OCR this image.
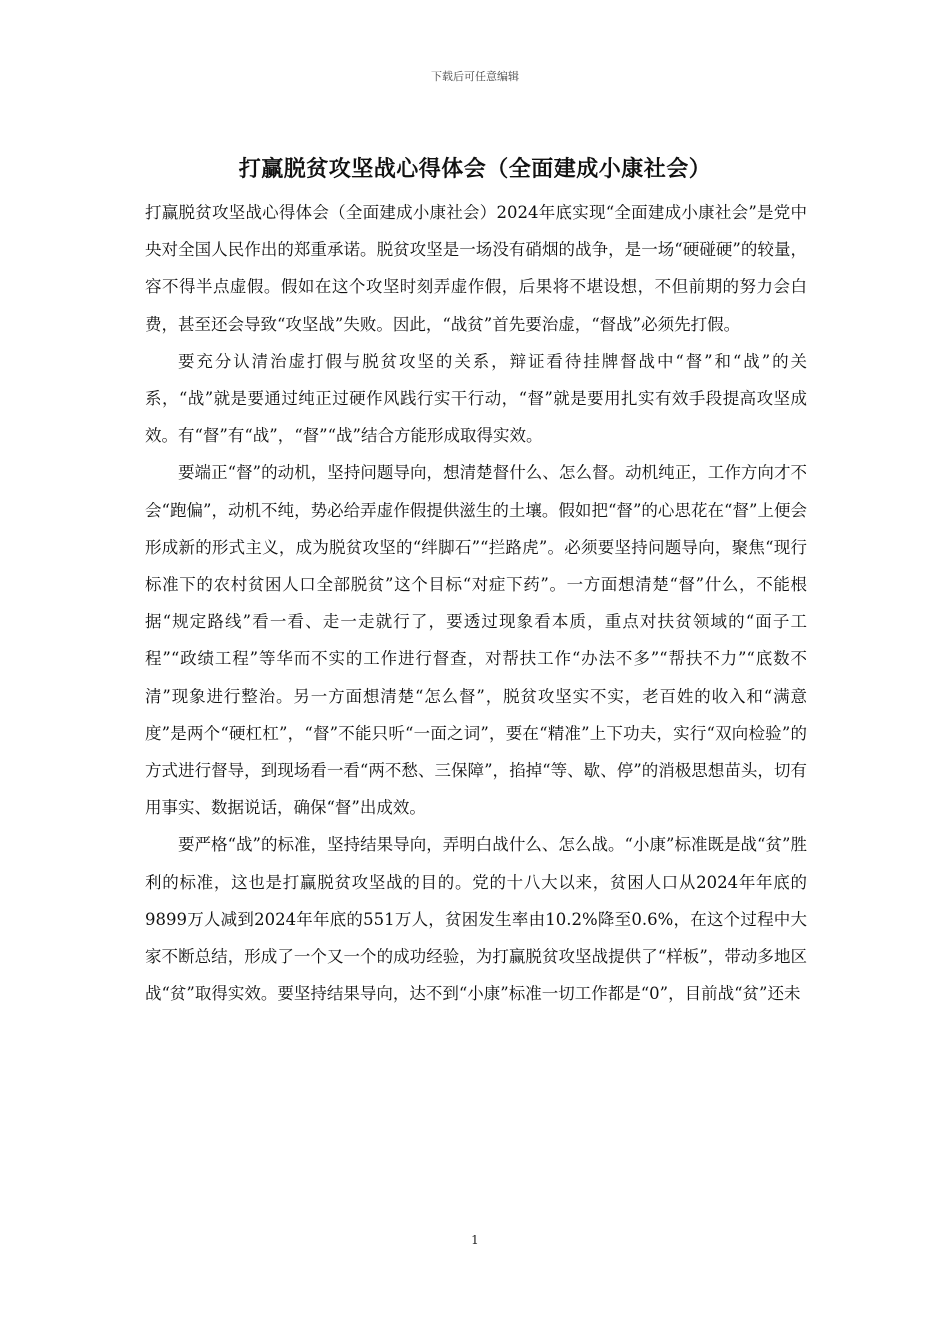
下载后可任意编辑
打赢脱贫攻坚战心得体会（全面建成小康社会）

打赢脱贫攻坚战心得体会（全面建成小康社会）2024年底实现“全面建成小康社会”是党中央对全国人民作出的郑重承诺。脱贫攻坚是一场没有硝烟的战争，是一场“硬碰硬”的较量，容不得半点虚假。假如在这个攻坚时刻弄虚作假，后果将不堪设想，不但前期的努力会白费，甚至还会导致“攻坚战”失败。因此，“战贫”首先要治虚，“督战”必须先打假。

要充分认清治虚打假与脱贫攻坚的关系，辩证看待挂牌督战中“督”和“战”的关系，“战”就是要通过纯正过硬作风践行实干行动，“督”就是要用扎实有效手段提高攻坚成效。有“督”有“战”，“督”“战”结合方能形成取得实效。

要端正“督”的动机，坚持问题导向，想清楚督什么、怎么督。动机纯正，工作方向才不会“跑偏”，动机不纯，势必给弄虚作假提供滋生的土壤。假如把“督”的心思花在“督”上便会形成新的形式主义，成为脱贫攻坚的“绊脚石”“拦路虎”。必须要坚持问题导向，聚焦“现行标准下的农村贫困人口全部脱贫”这个目标“对症下药”。一方面想清楚“督”什么，不能根据“规定路线”看一看、走一走就行了，要透过现象看本质，重点对扶贫领域的“面子工程”“政绩工程”等华而不实的工作进行督查，对帮扶工作“办法不多”“帮扶不力”“底数不清”现象进行整治。另一方面想清楚“怎么督”，脱贫攻坚实不实，老百姓的收入和“满意度”是两个“硬杠杠”，“督”不能只听“一面之词”，要在“精准”上下功夫，实行“双向检验”的方式进行督导，到现场看一看“两不愁、三保障”，掐掉“等、歇、停”的消极思想苗头，切有用事实、数据说话，确保“督”出成效。

要严格“战”的标准，坚持结果导向，弄明白战什么、怎么战。“小康”标准既是战“贫”胜利的标准，这也是打赢脱贫攻坚战的目的。党的十八大以来，贫困人口从2024年年底的9899万人减到2024年年底的551万人，贫困发生率由10.2%降至0.6%，在这个过程中大家不断总结，形成了一个又一个的成功经验，为打赢脱贫攻坚战提供了“样板”，带动多地区战“贫”取得实效。要坚持结果导向，达不到“小康”标准一切工作都是“0”，目前战“贫”还未

1
